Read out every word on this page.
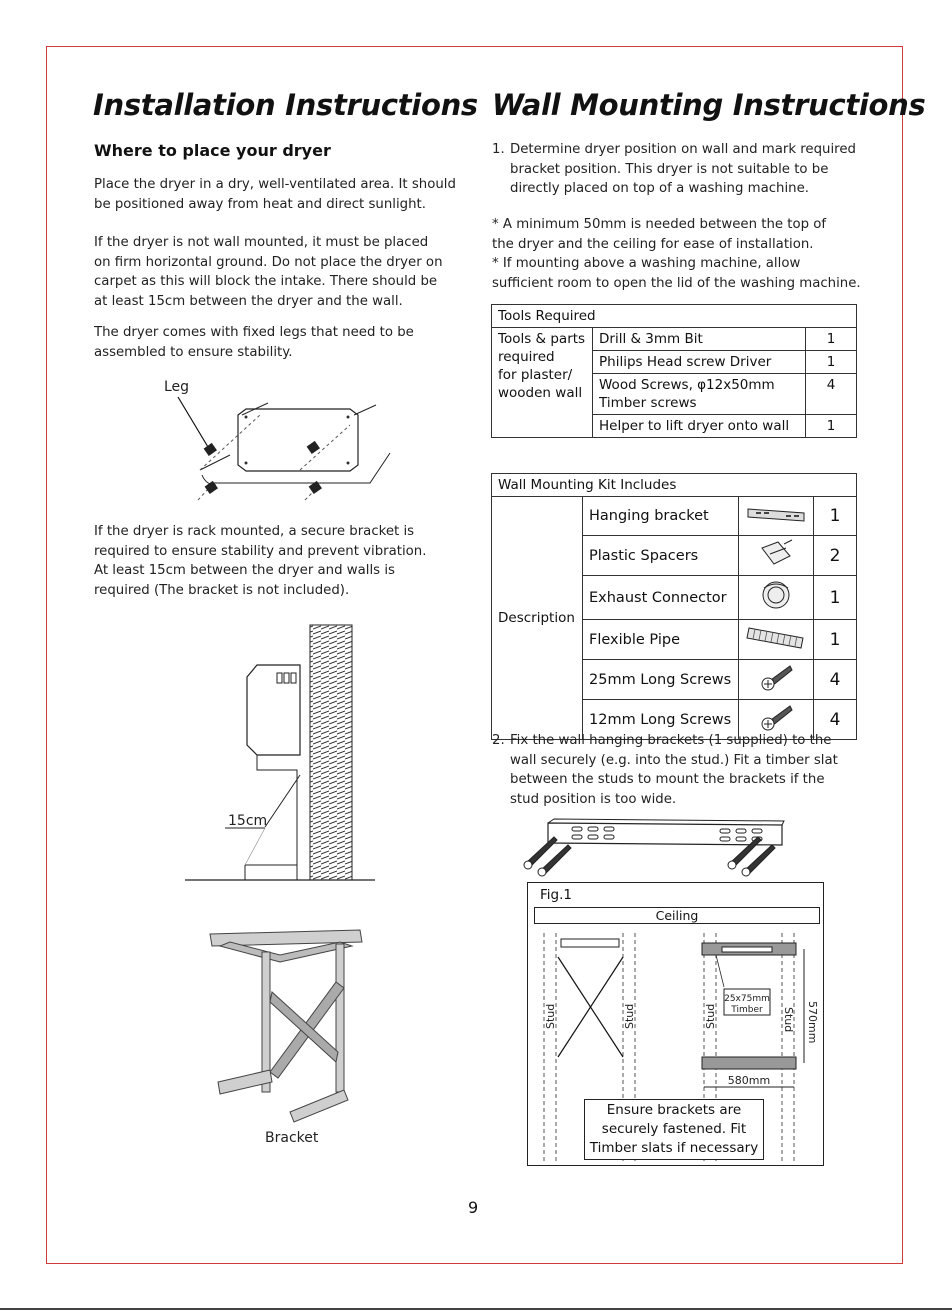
Installation Instructions
Where to place your dryer
Place the dryer in a dry, well-ventilated area. It should
be positioned away from heat and direct sunlight.
If the dryer is not wall mounted, it must be placed
on firm horizontal ground. Do not place the dryer on
carpet as this will block the intake. There should be
at least 15cm between the dryer and the wall.
The dryer comes with fixed legs that need to be
assembled to ensure stability.
Leg
If the dryer is rack mounted, a secure bracket is
required to ensure stability and prevent vibration.
At least 15cm between the dryer and walls is
required (The bracket is not included).
15cm
Bracket
Wall Mounting Instructions
1. Determine dryer position on wall and mark required
bracket position. This dryer is not suitable to be
directly placed on top of a washing machine.
* A minimum 50mm is needed between the top of
the dryer and the ceiling for ease of installation.
* If mounting above a washing machine, allow
sufficient room to open the lid of the washing machine.
Tools Required		

Tools & parts
required
for plaster/
wooden wall	Drill & 3mm Bit	1
	Philips Head screw Driver	1

	Wood Screws, φ12x50mm
Timber screws	4
	Helper to lift dryer onto wall	1
Wall Mounting Kit Includes			
Description	Hanging bracket		1
	Plastic Spacers		2
	Exhaust Connector		1
	Flexible Pipe		1
	25mm Long Screws		4
	12mm Long Screws		4
2. Fix the wall hanging brackets (1 supplied) to the
wall securely (e.g. into the stud.) Fit a timber slat
between the studs to mount the brackets if the
stud position is too wide.
Fig.1
Ceiling
25x75mm
Timber
Stud	Stud	Stud	Stud 570mm
580mm
Ensure brackets are
securely fastened. Fit
Timber slats if necessary
9
